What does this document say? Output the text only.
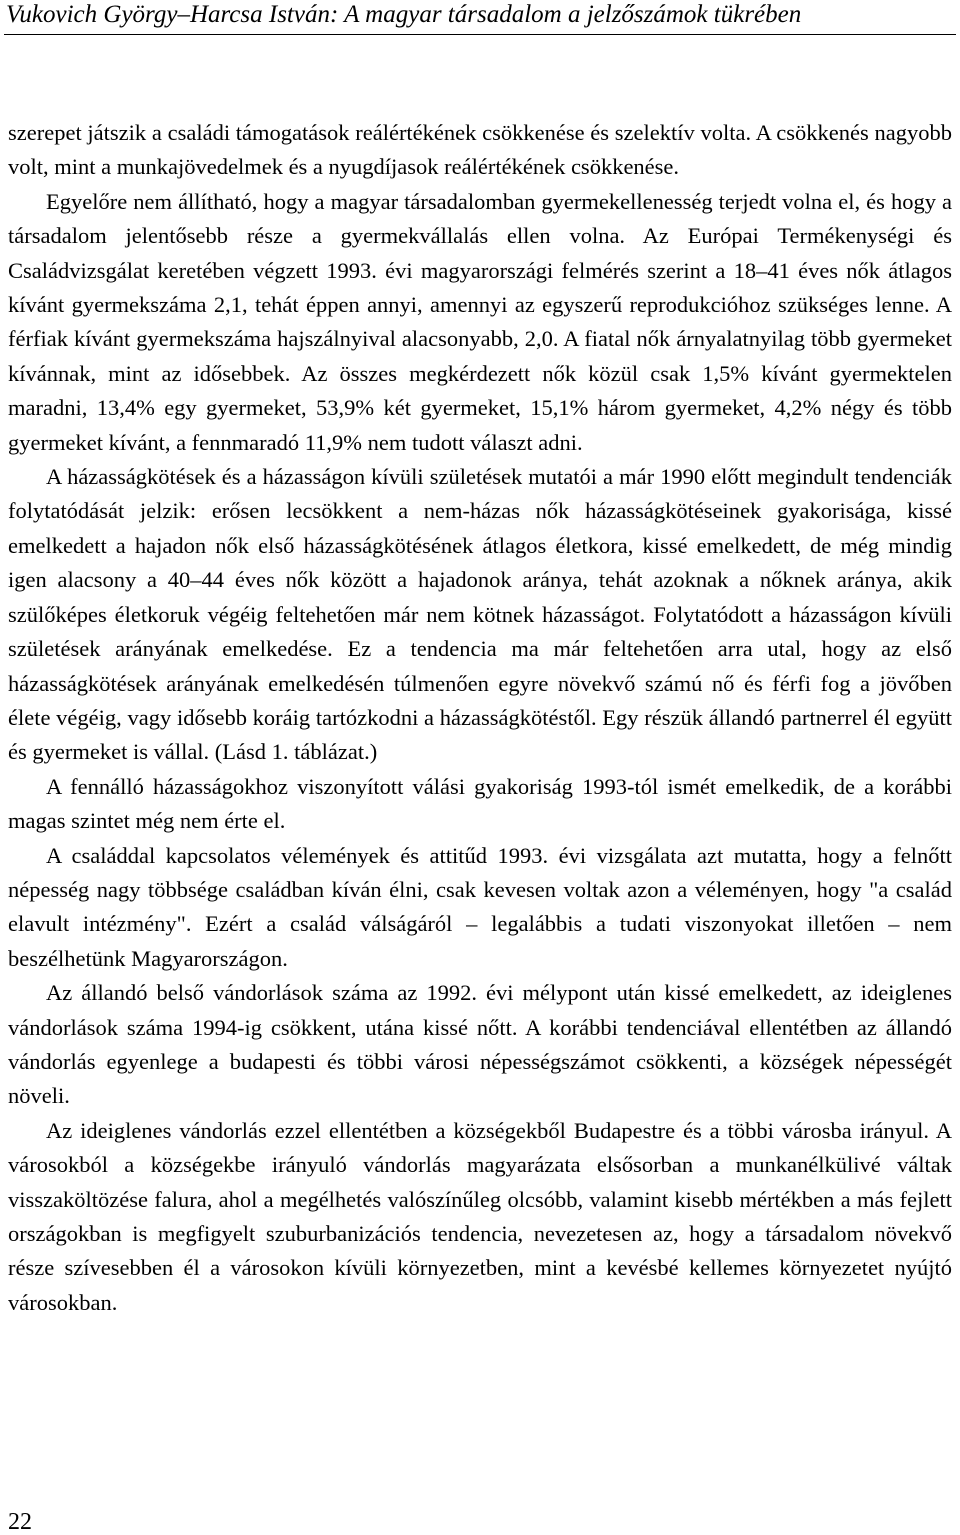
Vukovich György–Harcsa István: A magyar társadalom a jelzőszámok tükrében

szerepet játszik a családi támogatások reálértékének csökkenése és szelektív volta. A csökkenés nagyobb volt, mint a munkajövedelmek és a nyugdíjasok reálértékének csökkenése.

Egyelőre nem állítható, hogy a magyar társadalomban gyermekellenesség terjedt volna el, és hogy a társadalom jelentősebb része a gyermekvállalás ellen volna. Az Európai Termékenységi és Családvizsgálat keretében végzett 1993. évi magyarországi felmérés szerint a 18–41 éves nők átlagos kívánt gyermekszáma 2,1, tehát éppen annyi, amennyi az egyszerű reprodukcióhoz szükséges lenne. A férfiak kívánt gyermekszáma hajszálnyival alacsonyabb, 2,0. A fiatal nők árnyalatnyilag több gyermeket kívánnak, mint az idősebbek. Az összes megkérdezett nők közül csak 1,5% kívánt gyermektelen maradni, 13,4% egy gyermeket, 53,9% két gyermeket, 15,1% három gyermeket, 4,2% négy és több gyermeket kívánt, a fennmaradó 11,9% nem tudott választ adni.

A házasságkötések és a házasságon kívüli születések mutatói a már 1990 előtt megindult tendenciák folytatódását jelzik: erősen lecsökkent a nem-házas nők házasságkötéseinek gyakorisága, kissé emelkedett a hajadon nők első házasságkötésének átlagos életkora, kissé emelkedett, de még mindig igen alacsony a 40–44 éves nők között a hajadonok aránya, tehát azoknak a nőknek aránya, akik szülőképes életkoruk végéig feltehetően már nem kötnek házasságot. Folytatódott a házasságon kívüli születések arányának emelkedése. Ez a tendencia ma már feltehetően arra utal, hogy az első házasságkötések arányának emelkedésén túlmenően egyre növekvő számú nő és férfi fog a jövőben élete végéig, vagy idősebb koráig tartózkodni a házasságkötéstől. Egy részük állandó partnerrel él együtt és gyermeket is vállal. (Lásd 1. táblázat.)

A fennálló házasságokhoz viszonyított válási gyakoriság 1993-tól ismét emelkedik, de a korábbi magas szintet még nem érte el.

A családdal kapcsolatos vélemények és attitűd 1993. évi vizsgálata azt mutatta, hogy a felnőtt népesség nagy többsége családban kíván élni, csak kevesen voltak azon a véleményen, hogy "a család elavult intézmény". Ezért a család válságáról – legalábbis a tudati viszonyokat illetően – nem beszélhetünk Magyarországon.

Az állandó belső vándorlások száma az 1992. évi mélypont után kissé emelkedett, az ideiglenes vándorlások száma 1994-ig csökkent, utána kissé nőtt. A korábbi tendenciával ellentétben az állandó vándorlás egyenlege a budapesti és többi városi népességszámot csökkenti, a községek népességét növeli.

Az ideiglenes vándorlás ezzel ellentétben a községekből Budapestre és a többi városba irányul. A városokból a községekbe irányuló vándorlás magyarázata elsősorban a munkanélkülivé váltak visszaköltözése falura, ahol a megélhetés valószínűleg olcsóbb, valamint kisebb mértékben a más fejlett országokban is megfigyelt szuburbanizációs tendencia, nevezetesen az, hogy a társadalom növekvő része szívesebben él a városokon kívüli környezetben, mint a kevésbé kellemes környezetet nyújtó városokban.

22
